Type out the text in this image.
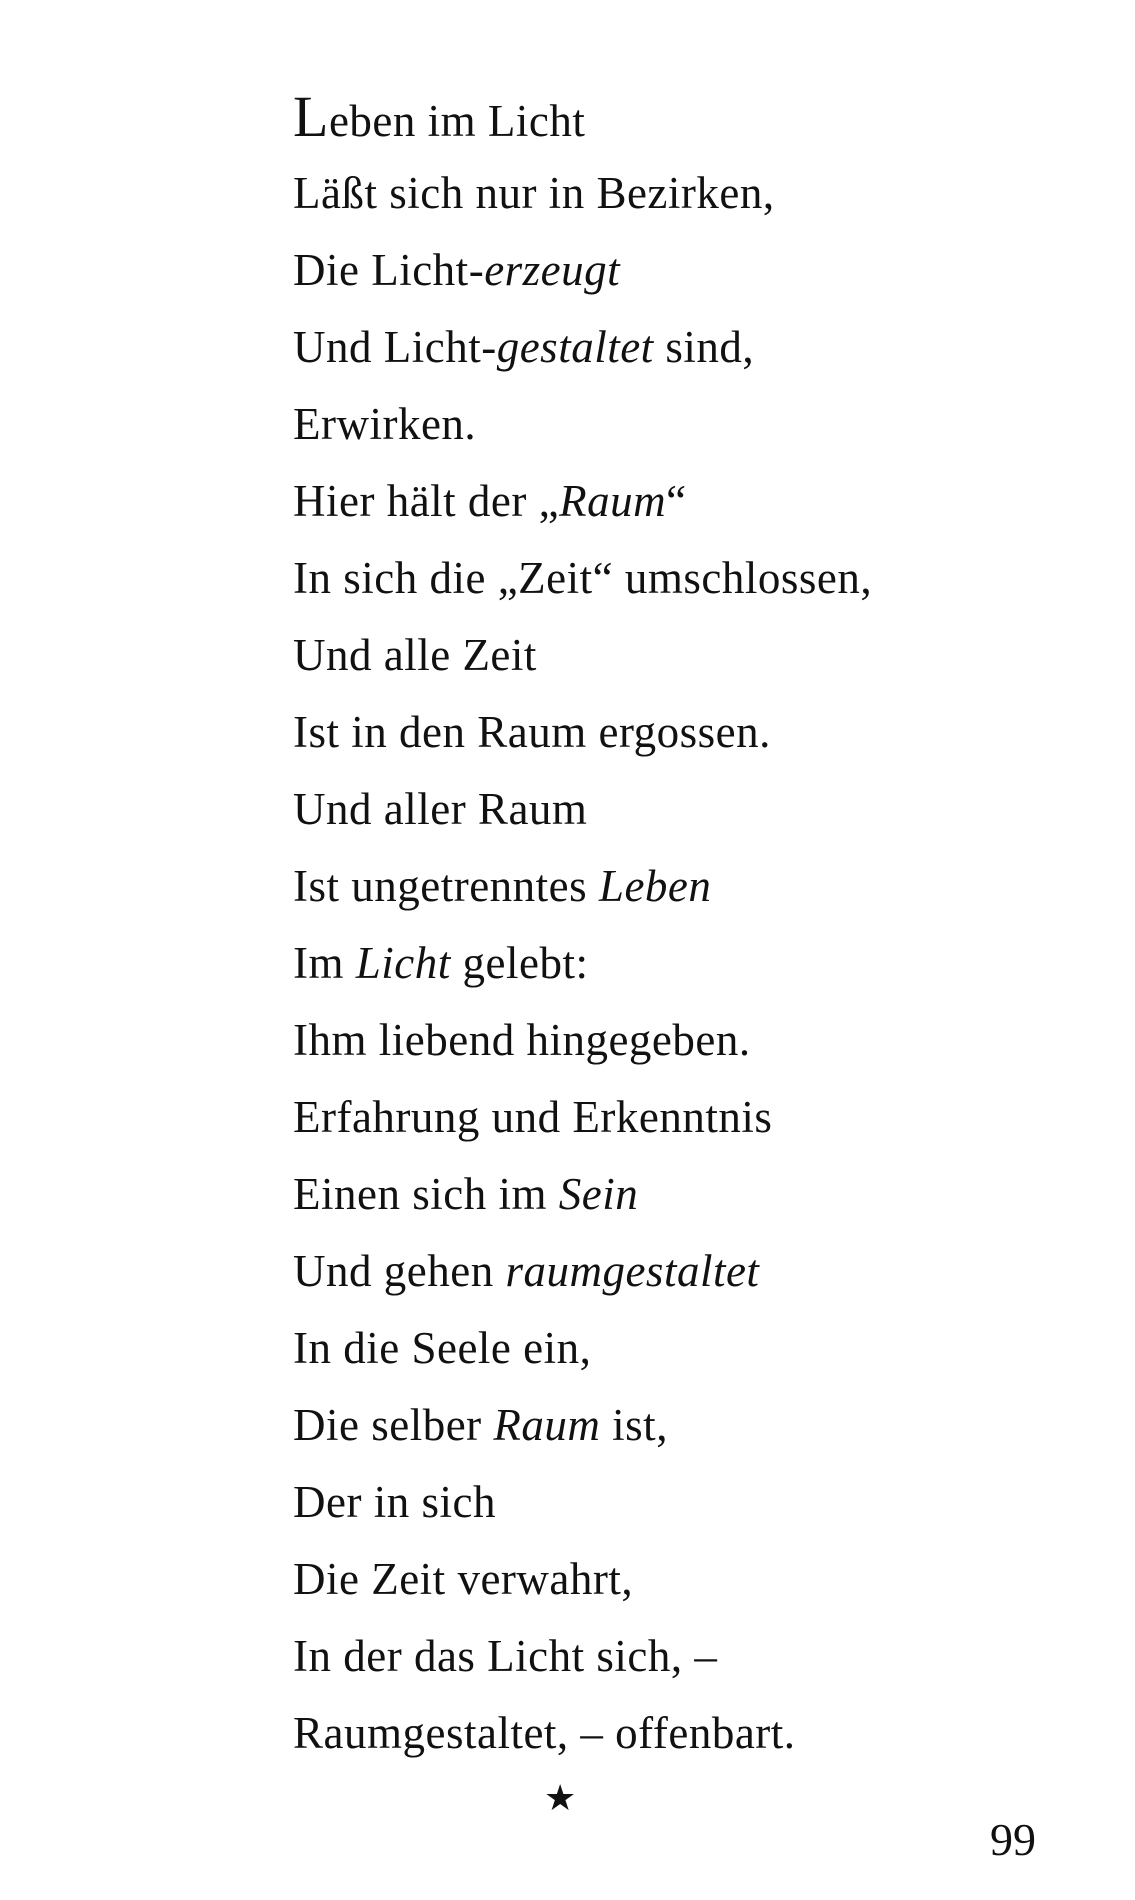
Leben im Licht
Läßt sich nur in Bezirken,
Die Licht-erzeugt
Und Licht-gestaltet sind,
Erwirken.
Hier hält der „Raum“
In sich die „Zeit“ umschlossen,
Und alle Zeit
Ist in den Raum ergossen.
Und aller Raum
Ist ungetrenntes Leben
Im Licht gelebt:
Ihm liebend hingegeben.
Erfahrung und Erkenntnis
Einen sich im Sein
Und gehen raumgestaltet
In die Seele ein,
Die selber Raum ist,
Der in sich
Die Zeit verwahrt,
In der das Licht sich, –
Raumgestaltet, – offenbart.
★
99
